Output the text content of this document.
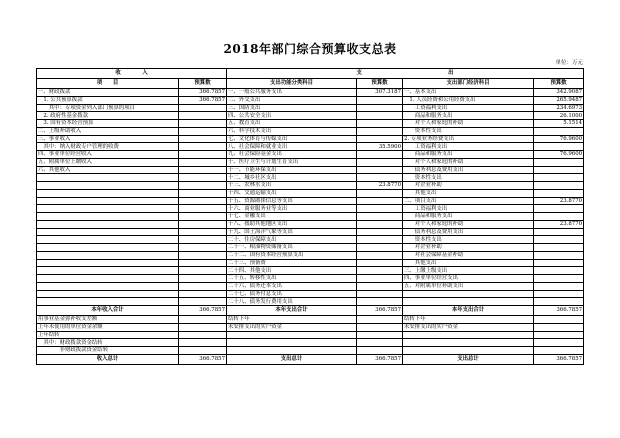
2018年部门综合预算收支总表
单位：万元
收　　　　入		支　　　　　　　　　　　　　　　　出			
项　　目	预算数	支出功能分类科目	预算数	支出部门经济科目	预算数
一、财政拨款	366.7857	一、一般公共服务支出	307.3187	一、基本支出	342.9087
　1. 公共预算拨款	366.7857	二、外交支出		　1. 人员经费和公用经费支出	265.9487
　　其中：专项资金列入部门预算的项目		三、国防支出		　　工资福利支出	234.6973
　2. 政府性基金拨款		四、公共安全支出		　　商品和服务支出	26.1000
　3. 国有资本经营预算		五、教育支出		　　对个人和家庭的补助	5.1514
二、上级补助收入		六、科学技术支出		　　资本性支出	
三、事业收入		七、文化体育与传媒支出		2. 专项业务经费支出	76.9600
　其中：纳入财政专户管理的收费		八、社会保障和就业支出	35.5900	　　工资福利支出	
四、事业单位经营收入		九、社会保险基金支出		　　商品和服务支出	76.9600
五、附属单位上缴收入		十、医疗卫生与计划生育支出		　　对个人和家庭的补助	
六、其他收入		十一、节能环保支出		　　债务利息及费用支出	
		十二、城乡社区支出		　　资本性支出	
		十三、农林水支出	23.8770	　　对企业补助	
		十四、交通运输支出		　　其他支出	
		十五、资源勘探信息等支出		二、项目支出	23.8770
		十六、商业服务业等支出		　　工资福利支出	
		十七、金融支出		　　商品和服务支出	
		十八、援助其他地区支出		　　对个人和家庭的补助	23.8770
		十九、国土海洋气象等支出		　　债务利息及费用支出	
		二十、住房保障支出		　　资本性支出	
		二十一、粮油物资储备支出		　　对企业补助	
		二十二、国有资本经营预算支出		　　对社会保障基金补助	
		二十三、预备费		　　其他支出	
		二十四、其他支出		三、上缴上级支出	
		二十五、转移性支出		四、事业单位经营支出	
		二十六、债务还本支出		五、对附属单位补助支出	
		二十七、债务付息支出			
		二十八、债务发行费用支出			
本年收入合计	366.7857	本年支出合计	366.7857	本年支出合计	366.7857
用事业基金弥补收支差额		结转下年		结转下年	
上年未使用的单位资金余额		未安排支出的实户资金		未安排支出的实户资金	
上年结转					
　其中：财政拨款资金结转					
　　　　非财政拨款资金结转					
收入总计	366.7857	支出总计	366.7857	支出总计	366.7857
